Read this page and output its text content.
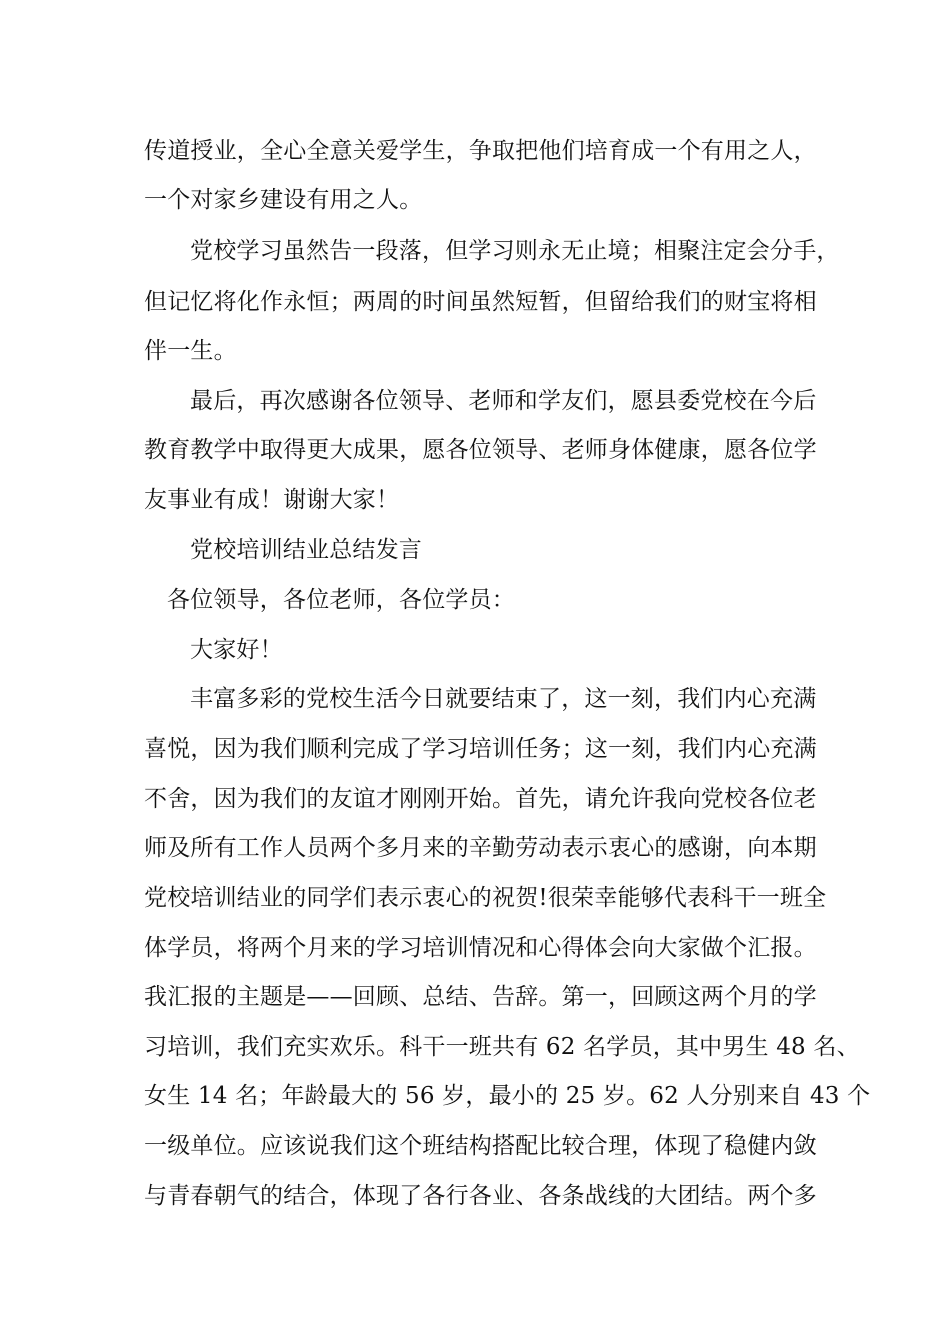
传道授业，全心全意关爱学生，争取把他们培育成一个有用之人，
一个对家乡建设有用之人。
党校学习虽然告一段落，但学习则永无止境；相聚注定会分手，
但记忆将化作永恒；两周的时间虽然短暂，但留给我们的财宝将相
伴一生。
最后，再次感谢各位领导、老师和学友们，愿县委党校在今后
教育教学中取得更大成果，愿各位领导、老师身体健康，愿各位学
友事业有成！谢谢大家！
党校培训结业总结发言
各位领导，各位老师，各位学员：
大家好！
丰富多彩的党校生活今日就要结束了，这一刻，我们内心充满
喜悦，因为我们顺利完成了学习培训任务；这一刻，我们内心充满
不舍，因为我们的友谊才刚刚开始。首先，请允许我向党校各位老
师及所有工作人员两个多月来的辛勤劳动表示衷心的感谢，向本期
党校培训结业的同学们表示衷心的祝贺!很荣幸能够代表科干一班全
体学员，将两个月来的学习培训情况和心得体会向大家做个汇报。
我汇报的主题是——回顾、总结、告辞。第一，回顾这两个月的学
习培训，我们充实欢乐。科干一班共有 62 名学员，其中男生 48 名、
女生 14 名；年龄最大的 56 岁，最小的 25 岁。62 人分别来自 43 个
一级单位。应该说我们这个班结构搭配比较合理，体现了稳健内敛
与青春朝气的结合，体现了各行各业、各条战线的大团结。两个多
